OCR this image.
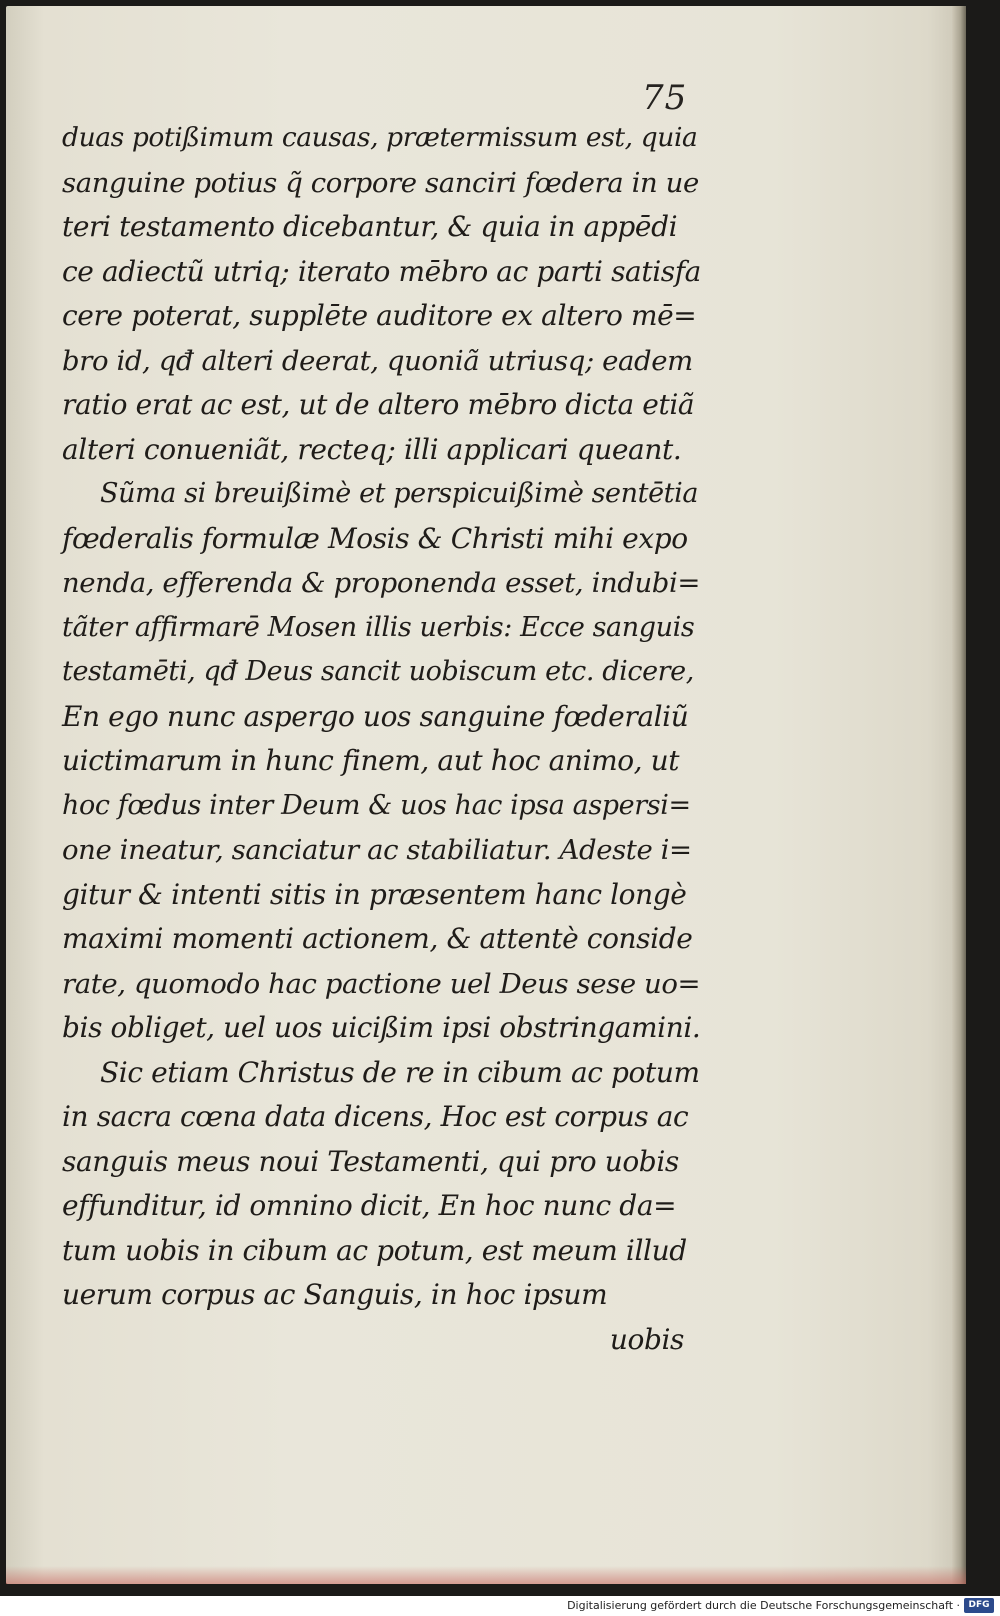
75
duas potißimum causas, prætermissum est, quia
sanguine potius q̃ corpore sanciri fœdera in ue
teri testamento dicebantur, & quia in appēdi
ce adiectũ utriq; iterato mēbro ac parti satisfa
cere poterat, supplēte auditore ex altero mē=
bro id, qđ alteri deerat, quoniã utriusq; eadem
ratio erat ac est, ut de altero mēbro dicta etiã
alteri conueniãt, recteq; illi applicari queant.
Sũma si breuißimè et perspicuißimè sentētia
fœderalis formulæ Mosis & Christi mihi expo
nenda, efferenda & proponenda esset, indubi=
tãter affirmarē Mosen illis uerbis: Ecce sanguis
testamēti, qđ Deus sancit uobiscum etc. dicere,
En ego nunc aspergo uos sanguine fœderaliũ
uictimarum in hunc finem, aut hoc animo, ut
hoc fœdus inter Deum & uos hac ipsa aspersi=
one ineatur, sanciatur ac stabiliatur. Adeste i=
gitur & intenti sitis in præsentem hanc longè
maximi momenti actionem, & attentè conside
rate, quomodo hac pactione uel Deus sese uo=
bis obliget, uel uos uicißim ipsi obstringamini.
Sic etiam Christus de re in cibum ac potum
in sacra cœna data dicens, Hoc est corpus ac
sanguis meus noui Testamenti, qui pro uobis
effunditur, id omnino dicit, En hoc nunc da=
tum uobis in cibum ac potum, est meum illud
uerum corpus ac Sanguis, in hoc ipsum
uobis
Digitalisierung gefördert durch die Deutsche Forschungsgemeinschaft · DFG
